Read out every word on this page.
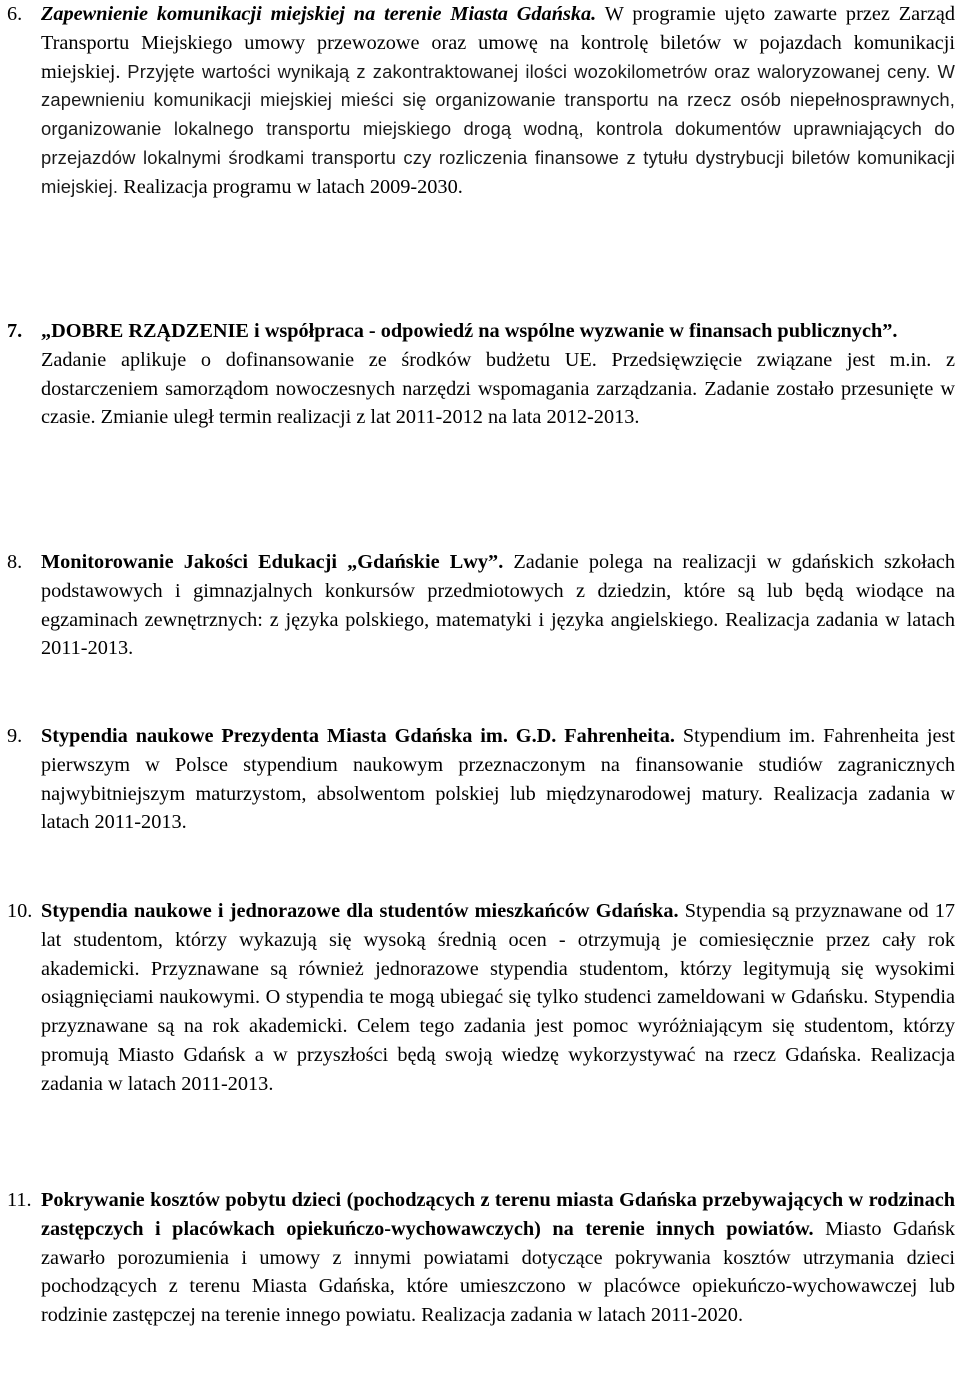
6. Zapewnienie komunikacji miejskiej na terenie Miasta Gdańska. W programie ujęto zawarte przez Zarząd Transportu Miejskiego umowy przewozowe oraz umowę na kontrolę biletów w pojazdach komunikacji miejskiej. Przyjęte wartości wynikają z zakontraktowanej ilości wozokilometrów oraz waloryzowanej ceny. W zapewnieniu komunikacji miejskiej mieści się organizowanie transportu na rzecz osób niepełnosprawnych, organizowanie lokalnego transportu miejskiego drogą wodną, kontrola dokumentów uprawniających do przejazdów lokalnymi środkami transportu czy rozliczenia finansowe z tytułu dystrybucji biletów komunikacji miejskiej. Realizacja programu w latach 2009-2030.
7. „DOBRE RZĄDZENIE i współpraca - odpowiedź na wspólne wyzwanie w finansach publicznych”.
Zadanie aplikuje o dofinansowanie ze środków budżetu UE. Przedsięwzięcie związane jest m.in. z dostarczeniem samorządom nowoczesnych narzędzi wspomagania zarządzania. Zadanie zostało przesunięte w czasie. Zmianie uległ termin realizacji z lat 2011-2012 na lata 2012-2013.
8. Monitorowanie Jakości Edukacji „Gdańskie Lwy”. Zadanie polega na realizacji w gdańskich szkołach podstawowych i gimnazjalnych konkursów przedmiotowych z dziedzin, które są lub będą wiodące na egzaminach zewnętrznych: z języka polskiego, matematyki i języka angielskiego. Realizacja zadania w latach 2011-2013.
9. Stypendia naukowe Prezydenta Miasta Gdańska im. G.D. Fahrenheita. Stypendium im. Fahrenheita jest pierwszym w Polsce stypendium naukowym przeznaczonym na finansowanie studiów zagranicznych najwybitniejszym maturzystom, absolwentom polskiej lub międzynarodowej matury. Realizacja zadania w latach 2011-2013.
10. Stypendia naukowe i jednorazowe dla studentów mieszkańców Gdańska. Stypendia są przyznawane od 17 lat studentom, którzy wykazują się wysoką średnią ocen - otrzymują je comiesięcznie przez cały rok akademicki. Przyznawane są również jednorazowe stypendia studentom, którzy legitymują się wysokimi osiągnięciami naukowymi. O stypendia te mogą ubiegać się tylko studenci zameldowani w Gdańsku. Stypendia przyznawane są na rok akademicki. Celem tego zadania jest pomoc wyróżniającym się studentom, którzy promują Miasto Gdańsk a w przyszłości będą swoją wiedzę wykorzystywać na rzecz Gdańska. Realizacja zadania w latach 2011-2013.
11. Pokrywanie kosztów pobytu dzieci (pochodzących z terenu miasta Gdańska przebywających w rodzinach zastępczych i placówkach opiekuńczo-wychowawczych) na terenie innych powiatów. Miasto Gdańsk zawarło porozumienia i umowy z innymi powiatami dotyczące pokrywania kosztów utrzymania dzieci pochodzących z terenu Miasta Gdańska, które umieszczono w placówce opiekuńczo-wychowawczej lub rodzinie zastępczej na terenie innego powiatu. Realizacja zadania w latach 2011-2020.
